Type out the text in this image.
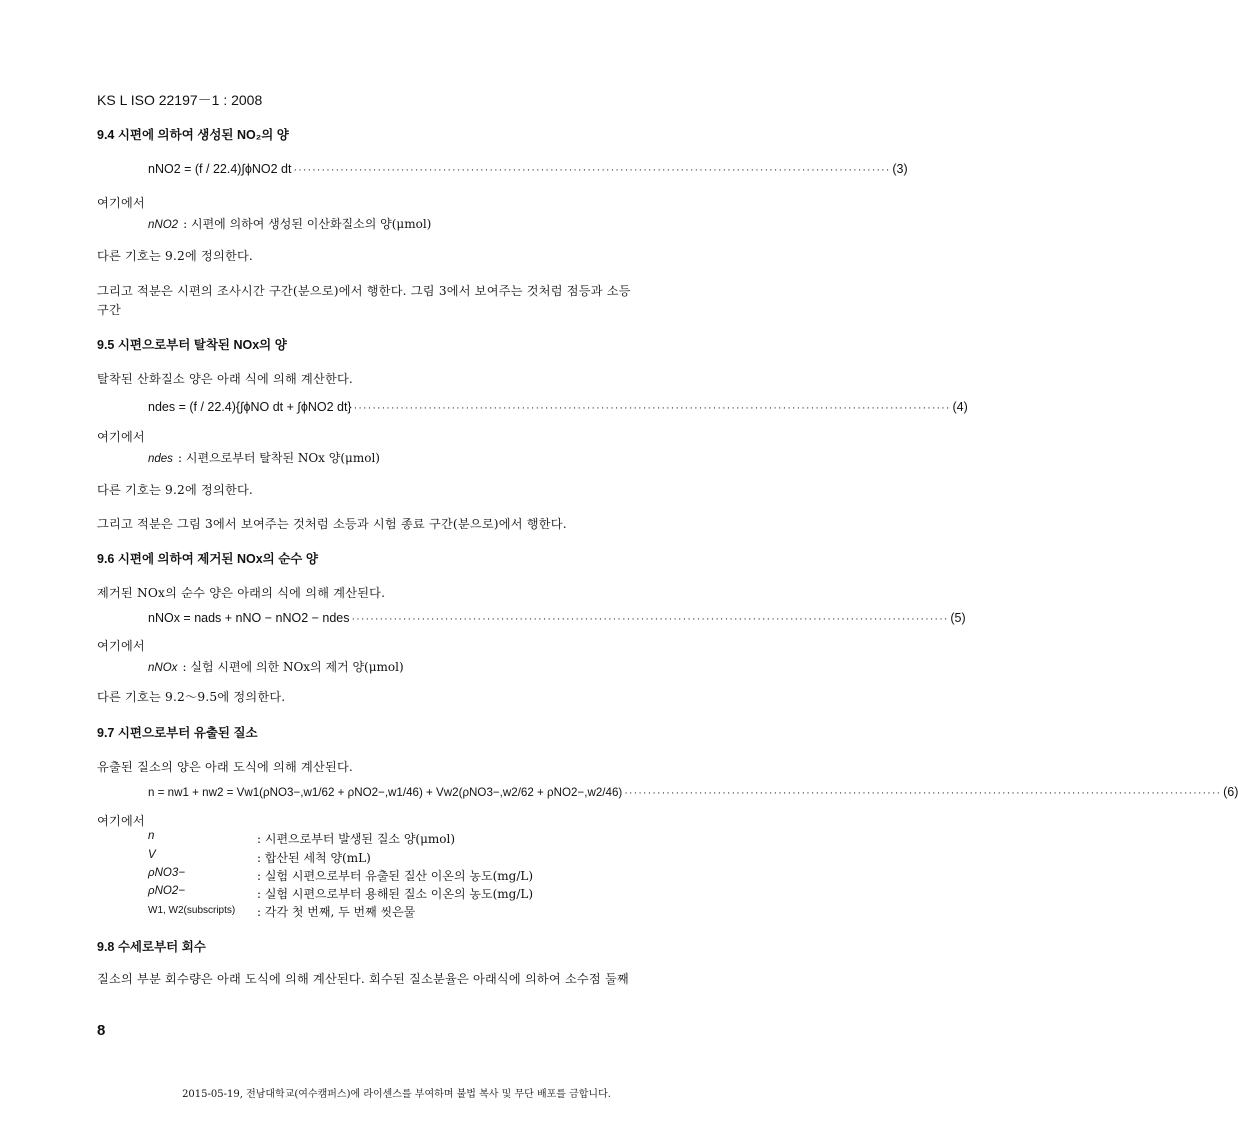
KS L ISO 22197－1 : 2008
9.4 시편에 의하여 생성된 NO₂의 양
nNO2 = (f / 22.4)∫ϕNO2 dt ································································································································ (3)
여기에서
nNO2 : 시편에 의하여 생성된 이산화질소의 양(μmol)
다른 기호는 9.2에 정의한다.
그리고 적분은 시편의 조사시간 구간(분으로)에서 행한다. 그림 3에서 보여주는 것처럼 점등과 소등
구간
9.5 시편으로부터 탈착된 NOx의 양
탈착된 산화질소 양은 아래 식에 의해 계산한다.
ndes = (f / 22.4){∫ϕNO dt + ∫ϕNO2 dt} ································································································································ (4)
여기에서
ndes : 시편으로부터 탈착된 NOx 양(μmol)
다른 기호는 9.2에 정의한다.
그리고 적분은 그림 3에서 보여주는 것처럼 소등과 시험 종료 구간(분으로)에서 행한다.
9.6 시편에 의하여 제거된 NOx의 순수 양
제거된 NOx의 순수 양은 아래의 식에 의해 계산된다.
nNOx = nads + nNO − nNO2 − ndes ································································································································ (5)
여기에서
nNOx : 실험 시편에 의한 NOx의 제거 양(μmol)
다른 기호는 9.2～9.5에 정의한다.
9.7 시편으로부터 유출된 질소
유출된 질소의 양은 아래 도식에 의해 계산된다.
n = nw1 + nw2 = Vw1(ρNO3−,w1/62 + ρNO2−,w1/46) + Vw2(ρNO3−,w2/62 + ρNO2−,w2/46) ································································································································ (6)
여기에서
n	: 시편으로부터 발생된 질소 양(μmol)
V	: 합산된 세척 양(mL)
ρNO3−	: 실험 시편으로부터 유출된 질산 이온의 농도(mg/L)
ρNO2−	: 실험 시편으로부터 용해된 질소 이온의 농도(mg/L)
W1, W2(subscripts) : 각각 첫 번째, 두 번째 씻은물
9.8 수세로부터 회수
질소의 부분 회수량은 아래 도식에 의해 계산된다. 회수된 질소분율은 아래식에 의하여 소수점 둘째
8
2015-05-19, 전남대학교(여수캠퍼스)에 라이센스를 부여하며 불법 복사 및 무단 배포를 금합니다.
